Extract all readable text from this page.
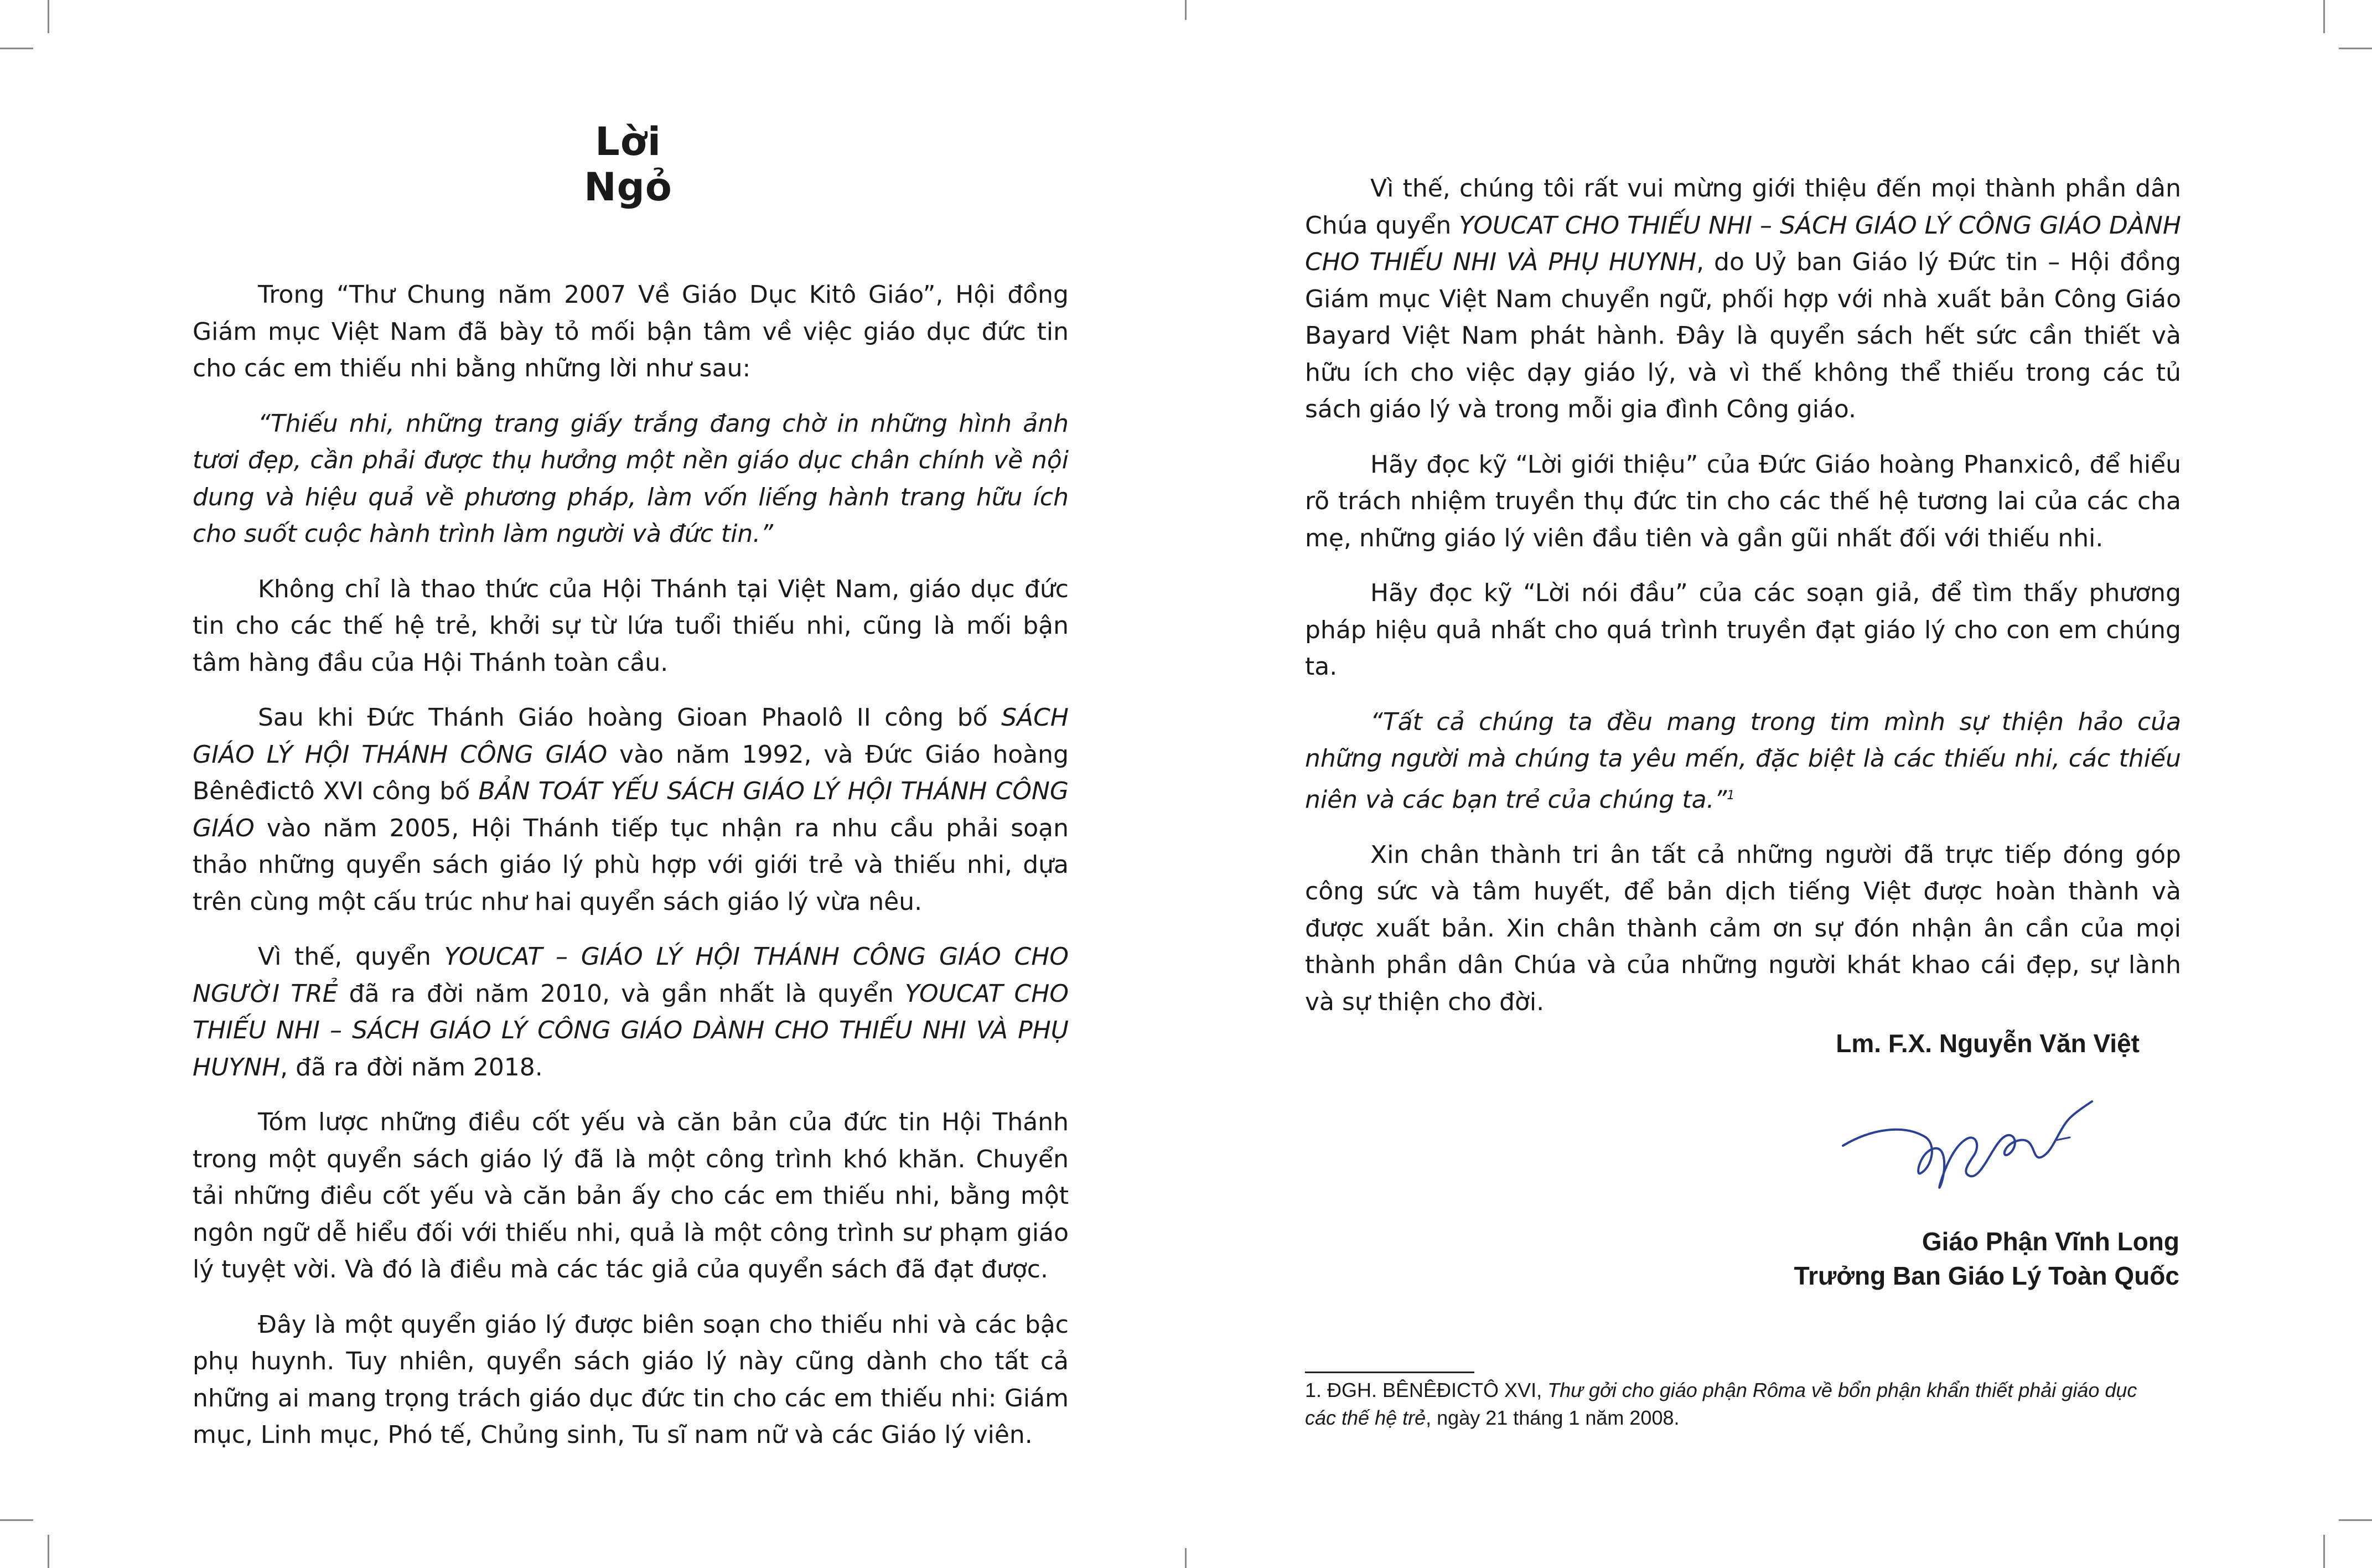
Lời Ngỏ

Trong “Thư Chung năm 2007 Về Giáo Dục Kitô Giáo”, Hội đồng Giám mục Việt Nam đã bày tỏ mối bận tâm về việc giáo dục đức tin cho các em thiếu nhi bằng những lời như sau:

“Thiếu nhi, những trang giấy trắng đang chờ in những hình ảnh tươi đẹp, cần phải được thụ hưởng một nền giáo dục chân chính về nội dung và hiệu quả về phương pháp, làm vốn liếng hành trang hữu ích cho suốt cuộc hành trình làm người và đức tin.”

Không chỉ là thao thức của Hội Thánh tại Việt Nam, giáo dục đức tin cho các thế hệ trẻ, khởi sự từ lứa tuổi thiếu nhi, cũng là mối bận tâm hàng đầu của Hội Thánh toàn cầu.

Sau khi Đức Thánh Giáo hoàng Gioan Phaolô II công bố SÁCH GIÁO LÝ HỘI THÁNH CÔNG GIÁO vào năm 1992, và Đức Giáo hoàng Bênêđictô XVI công bố BẢN TOÁT YẾU SÁCH GIÁO LÝ HỘI THÁNH CÔNG GIÁO vào năm 2005, Hội Thánh tiếp tục nhận ra nhu cầu phải soạn thảo những quyển sách giáo lý phù hợp với giới trẻ và thiếu nhi, dựa trên cùng một cấu trúc như hai quyển sách giáo lý vừa nêu.

Vì thế, quyển YOUCAT – GIÁO LÝ HỘI THÁNH CÔNG GIÁO CHO NGƯỜI TRẺ đã ra đời năm 2010, và gần nhất là quyển YOUCAT CHO THIẾU NHI – SÁCH GIÁO LÝ CÔNG GIÁO DÀNH CHO THIẾU NHI VÀ PHỤ HUYNH, đã ra đời năm 2018.

Tóm lược những điều cốt yếu và căn bản của đức tin Hội Thánh trong một quyển sách giáo lý đã là một công trình khó khăn. Chuyển tải những điều cốt yếu và căn bản ấy cho các em thiếu nhi, bằng một ngôn ngữ dễ hiểu đối với thiếu nhi, quả là một công trình sư phạm giáo lý tuyệt vời. Và đó là điều mà các tác giả của quyển sách đã đạt được.

Đây là một quyển giáo lý được biên soạn cho thiếu nhi và các bậc phụ huynh. Tuy nhiên, quyển sách giáo lý này cũng dành cho tất cả những ai mang trọng trách giáo dục đức tin cho các em thiếu nhi: Giám mục, Linh mục, Phó tế, Chủng sinh, Tu sĩ nam nữ và các Giáo lý viên.

Vì thế, chúng tôi rất vui mừng giới thiệu đến mọi thành phần dân Chúa quyển YOUCAT CHO THIẾU NHI – SÁCH GIÁO LÝ CÔNG GIÁO DÀNH CHO THIẾU NHI VÀ PHỤ HUYNH, do Uỷ ban Giáo lý Đức tin – Hội đồng Giám mục Việt Nam chuyển ngữ, phối hợp với nhà xuất bản Công Giáo Bayard Việt Nam phát hành. Đây là quyển sách hết sức cần thiết và hữu ích cho việc dạy giáo lý, và vì thế không thể thiếu trong các tủ sách giáo lý và trong mỗi gia đình Công giáo.

Hãy đọc kỹ “Lời giới thiệu” của Đức Giáo hoàng Phanxicô, để hiểu rõ trách nhiệm truyền thụ đức tin cho các thế hệ tương lai của các cha mẹ, những giáo lý viên đầu tiên và gần gũi nhất đối với thiếu nhi.

Hãy đọc kỹ “Lời nói đầu” của các soạn giả, để tìm thấy phương pháp hiệu quả nhất cho quá trình truyền đạt giáo lý cho con em chúng ta.

“Tất cả chúng ta đều mang trong tim mình sự thiện hảo của những người mà chúng ta yêu mến, đặc biệt là các thiếu nhi, các thiếu niên và các bạn trẻ của chúng ta.”$^1$

Xin chân thành tri ân tất cả những người đã trực tiếp đóng góp công sức và tâm huyết, để bản dịch tiếng Việt được hoàn thành và được xuất bản. Xin chân thành cảm ơn sự đón nhận ân cần của mọi thành phần dân Chúa và của những người khát khao cái đẹp, sự lành và sự thiện cho đời.

Lm. F.X. Nguyễn Văn Việt
Giáo Phận Vĩnh Long
Trưởng Ban Giáo Lý Toàn Quốc
1. ĐGH. BÊNÊĐICTÔ XVI, Thư gởi cho giáo phận Rôma về bổn phận khẩn thiết phải giáo dục các thế hệ trẻ, ngày 21 tháng 1 năm 2008.
